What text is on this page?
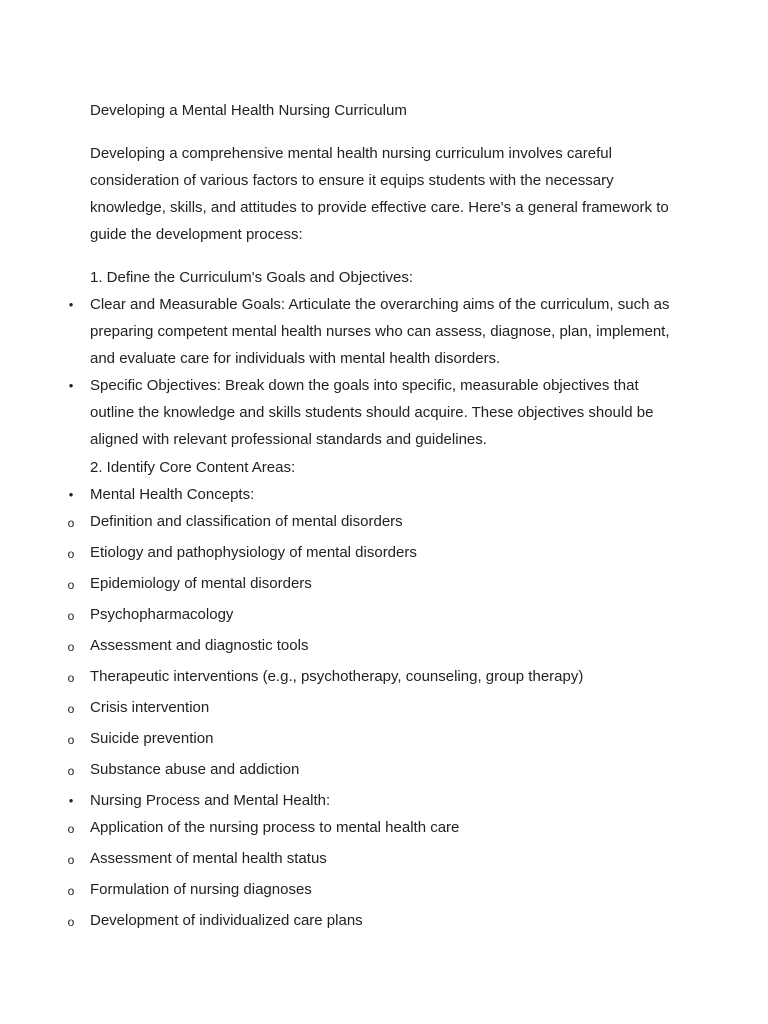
Developing a Mental Health Nursing Curriculum
Developing a comprehensive mental health nursing curriculum involves careful
consideration of various factors to ensure it equips students with the necessary
knowledge, skills, and attitudes to provide effective care. Here's a general framework to
guide the development process:
1. Define the Curriculum's Goals and Objectives:
• Clear and Measurable Goals: Articulate the overarching aims of the curriculum, such as
preparing competent mental health nurses who can assess, diagnose, plan, implement,
and evaluate care for individuals with mental health disorders.
• Specific Objectives: Break down the goals into specific, measurable objectives that
outline the knowledge and skills students should acquire. These objectives should be
aligned with relevant professional standards and guidelines.
2. Identify Core Content Areas:
• Mental Health Concepts:
o Definition and classification of mental disorders
o Etiology and pathophysiology of mental disorders
o Epidemiology of mental disorders
o Psychopharmacology
o Assessment and diagnostic tools
o Therapeutic interventions (e.g., psychotherapy, counseling, group therapy)
o Crisis intervention
o Suicide prevention
o Substance abuse and addiction
• Nursing Process and Mental Health:
o Application of the nursing process to mental health care
o Assessment of mental health status
o Formulation of nursing diagnoses
o Development of individualized care plans
